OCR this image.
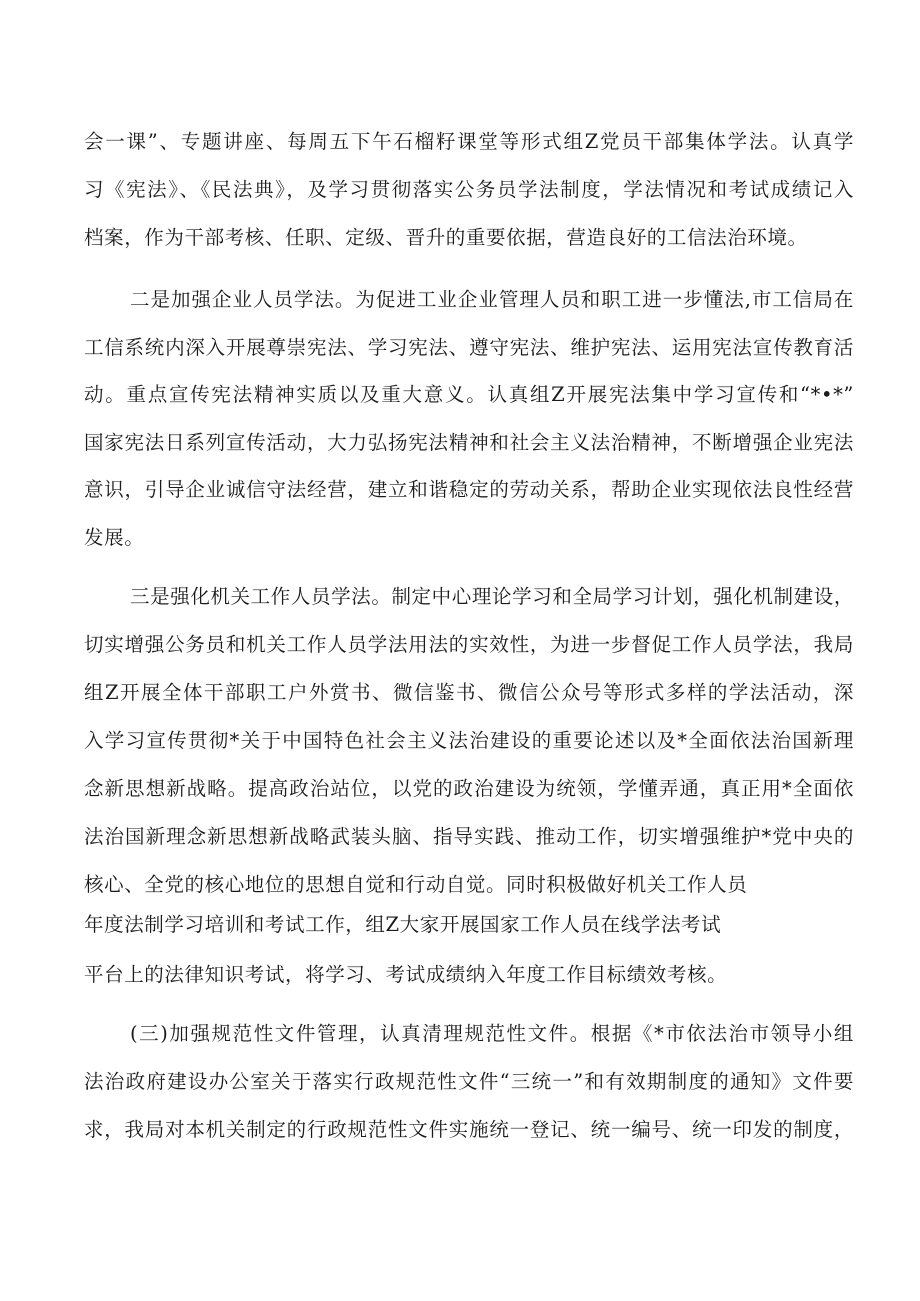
会一课”、专题讲座、每周五下午石榴籽课堂等形式组Z党员干部集体学法。认真学
习《宪法》、《民法典》，及学习贯彻落实公务员学法制度，学法情况和考试成绩记入
档案，作为干部考核、任职、定级、晋升的重要依据，营造良好的工信法治环境。
二是加强企业人员学法。为促进工业企业管理人员和职工进一步懂法,市工信局在
工信系统内深入开展尊崇宪法、学习宪法、遵守宪法、维护宪法、运用宪法宣传教育活
动。重点宣传宪法精神实质以及重大意义。认真组Z开展宪法集中学习宣传和“*•*”
国家宪法日系列宣传活动，大力弘扬宪法精神和社会主义法治精神，不断增强企业宪法
意识，引导企业诚信守法经营，建立和谐稳定的劳动关系，帮助企业实现依法良性经营
发展。
三是强化机关工作人员学法。制定中心理论学习和全局学习计划，强化机制建设，
切实增强公务员和机关工作人员学法用法的实效性，为进一步督促工作人员学法，我局
组Z开展全体干部职工户外赏书、微信鉴书、微信公众号等形式多样的学法活动，深
入学习宣传贯彻*关于中国特色社会主义法治建设的重要论述以及*全面依法治国新理
念新思想新战略。提高政治站位，以党的政治建设为统领，学懂弄通，真正用*全面依
法治国新理念新思想新战略武装头脑、指导实践、推动工作，切实增强维护*党中央的
核心、全党的核心地位的思想自觉和行动自觉。同时积极做好机关工作人员
年度法制学习培训和考试工作，组Z大家开展国家工作人员在线学法考试
平台上的法律知识考试，将学习、考试成绩纳入年度工作目标绩效考核。
(三)加强规范性文件管理，认真清理规范性文件。根据《*市依法治市领导小组
法治政府建设办公室关于落实行政规范性文件“三统一”和有效期制度的通知》文件要
求，我局对本机关制定的行政规范性文件实施统一登记、统一编号、统一印发的制度，
